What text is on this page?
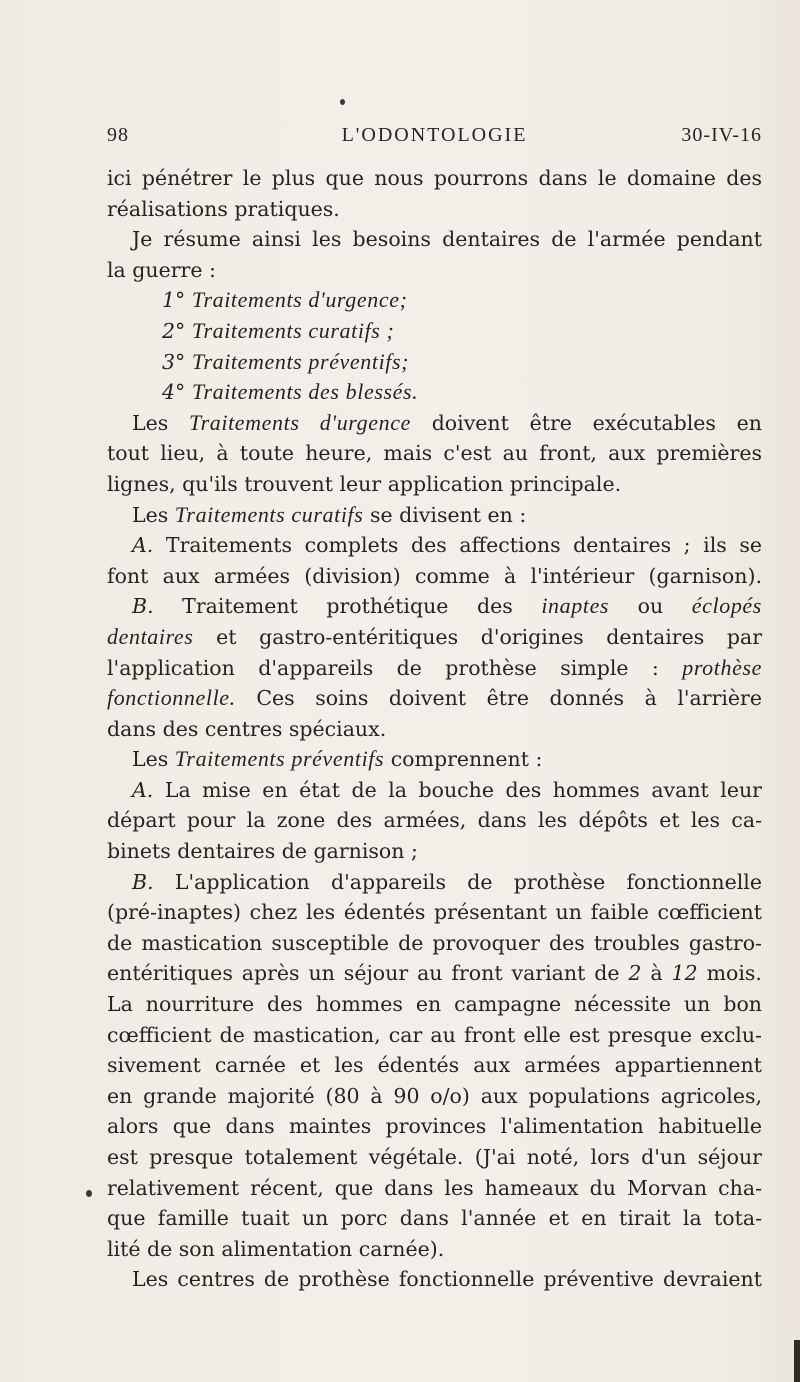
98	L'ODONTOLOGIE	30-IV-16
ici pénétrer le plus que nous pourrons dans le domaine des
réalisations pratiques.
Je résume ainsi les besoins dentaires de l'armée pendant
la guerre :
1° Traitements d'urgence;
2° Traitements curatifs ;
3° Traitements préventifs;
4° Traitements des blessés.
Les Traitements d'urgence doivent être exécutables en
tout lieu, à toute heure, mais c'est au front, aux premières
lignes, qu'ils trouvent leur application principale.
Les Traitements curatifs se divisent en :
A. Traitements complets des affections dentaires ; ils se
font aux armées (division) comme à l'intérieur (garnison).
B. Traitement prothétique des inaptes ou éclopés
dentaires et gastro-entéritiques d'origines dentaires par
l'application d'appareils de prothèse simple : prothèse
fonctionnelle. Ces soins doivent être donnés à l'arrière
dans des centres spéciaux.
Les Traitements préventifs comprennent :
A. La mise en état de la bouche des hommes avant leur
départ pour la zone des armées, dans les dépôts et les ca-
binets dentaires de garnison ;
B. L'application d'appareils de prothèse fonctionnelle
(pré-inaptes) chez les édentés présentant un faible cœfficient
de mastication susceptible de provoquer des troubles gastro-
entéritiques après un séjour au front variant de 2 à 12 mois.
La nourriture des hommes en campagne nécessite un bon
cœfficient de mastication, car au front elle est presque exclu-
sivement carnée et les édentés aux armées appartiennent
en grande majorité (80 à 90 o/o) aux populations agricoles,
alors que dans maintes provinces l'alimentation habituelle
est presque totalement végétale. (J'ai noté, lors d'un séjour
relativement récent, que dans les hameaux du Morvan cha-
que famille tuait un porc dans l'année et en tirait la tota-
lité de son alimentation carnée).
Les centres de prothèse fonctionnelle préventive devraient
